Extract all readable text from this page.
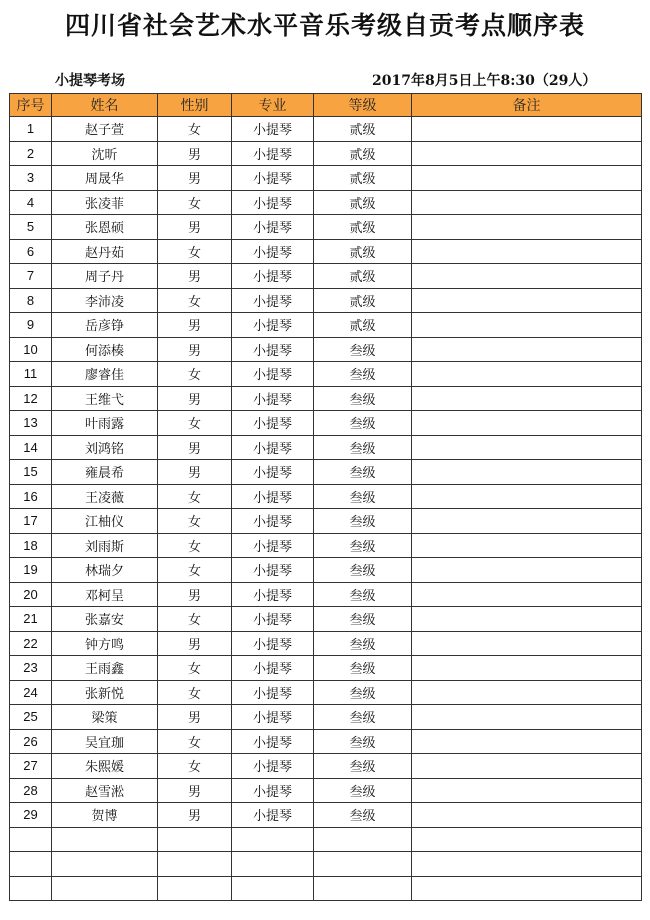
四川省社会艺术水平音乐考级自贡考点顺序表
小提琴考场	2017年8月5日上午8:30（29人）
序号	姓名	性别	专业	等级	备注
1	赵子萱	女	小提琴	贰级	
2	沈昕	男	小提琴	贰级	
3	周晟华	男	小提琴	贰级	
4	张凌菲	女	小提琴	贰级	
5	张恩硕	男	小提琴	贰级	
6	赵丹茹	女	小提琴	贰级	
7	周子丹	男	小提琴	贰级	
8	李沛凌	女	小提琴	贰级	
9	岳彦铮	男	小提琴	贰级	
10	何添楱	男	小提琴	叁级	
11	廖睿佳	女	小提琴	叁级	
12	王维弋	男	小提琴	叁级	
13	叶雨露	女	小提琴	叁级	
14	刘鸿铭	男	小提琴	叁级	
15	雍晨希	男	小提琴	叁级	
16	王凌薇	女	小提琴	叁级	
17	江柚仪	女	小提琴	叁级	
18	刘雨斯	女	小提琴	叁级	
19	林瑞夕	女	小提琴	叁级	
20	邓柯呈	男	小提琴	叁级	
21	张嘉安	女	小提琴	叁级	
22	钟方鸣	男	小提琴	叁级	
23	王雨鑫	女	小提琴	叁级	
24	张新悦	女	小提琴	叁级	
25	梁策	男	小提琴	叁级	
26	吴宜珈	女	小提琴	叁级	
27	朱熙媛	女	小提琴	叁级	
28	赵雪淞	男	小提琴	叁级	
29	贺博	男	小提琴	叁级	
